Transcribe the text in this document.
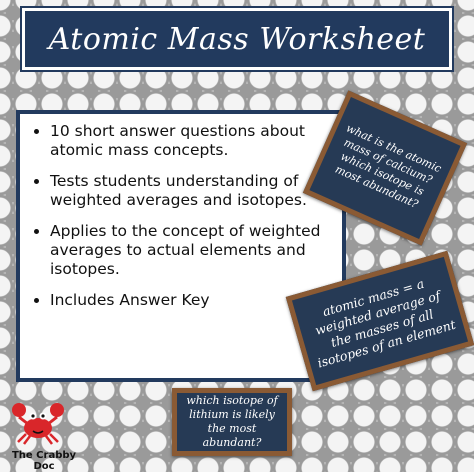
Atomic Mass Worksheet
• 10 short answer questions about atomic mass concepts.
• Tests students understanding of weighted averages and isotopes.
• Applies to the concept of weighted averages to actual elements and isotopes.
• Includes Answer Key
what is the atomic mass of calcium? which isotope is most abundant?
atomic mass = a weighted average of the masses of all isotopes of an element
which isotope of lithium is likely the most abundant?
The Crabby Doc
